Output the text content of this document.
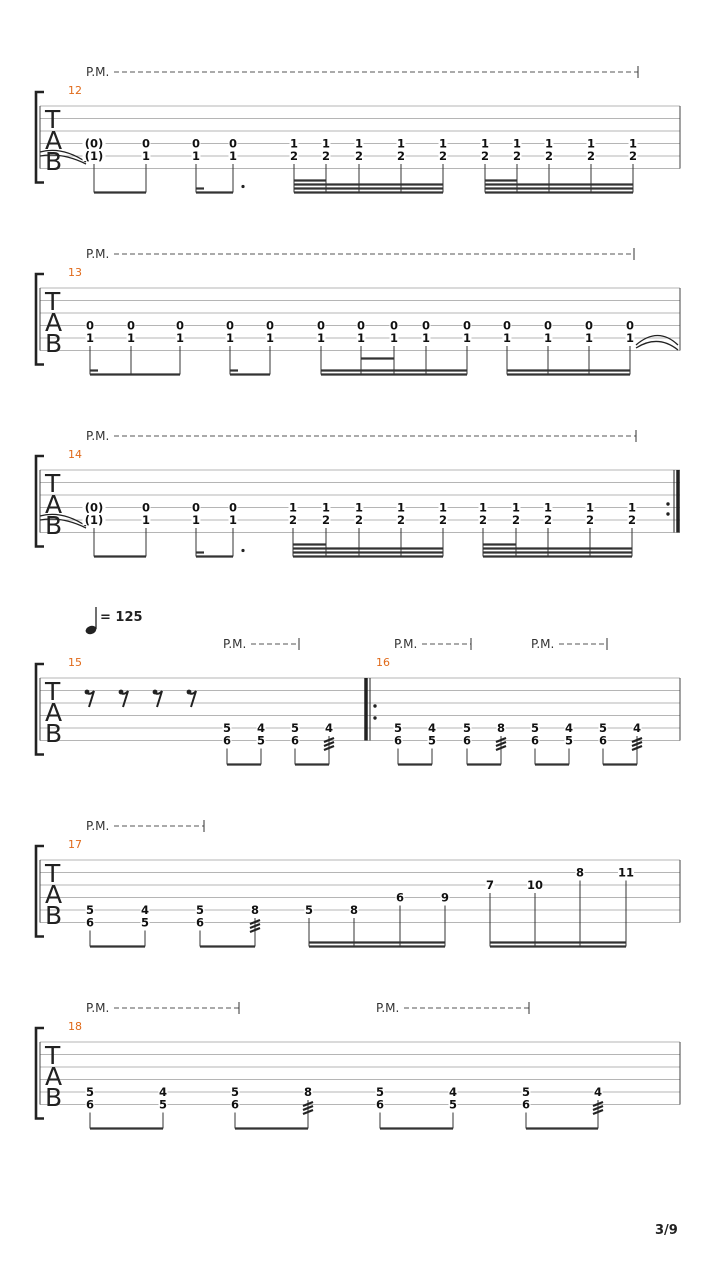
T
A
B
P.M.
12
(0)
(1)
0
1
0
1
0
1
1
2
1
2
1
2
1
2
1
2
1
2
1
2
1
2
1
2
1
2
T
A
B
P.M.
13
0
1
0
1
0
1
0
1
0
1
0
1
0
1
0
1
0
1
0
1
0
1
0
1
0
1
0
1
T
A
B
P.M.
14
(0)
(1)
0
1
0
1
0
1
1
2
1
2
1
2
1
2
1
2
1
2
1
2
1
2
1
2
1
2
T
A
B
P.M.	P.M.	P.M.
15
5
6
4
5
5
6
4
16
5
6
4
5
5
6
8 5
6
4
5
5
6
4
T
A
B
P.M.
17
5
6
4
5
5
6
8	5	8
6	9
7	10
8	11
T
A
B
P.M.	P.M.
18
5
6
4
5
5
6
8	5
6
4
5
5
6
4
= 125
3/9
